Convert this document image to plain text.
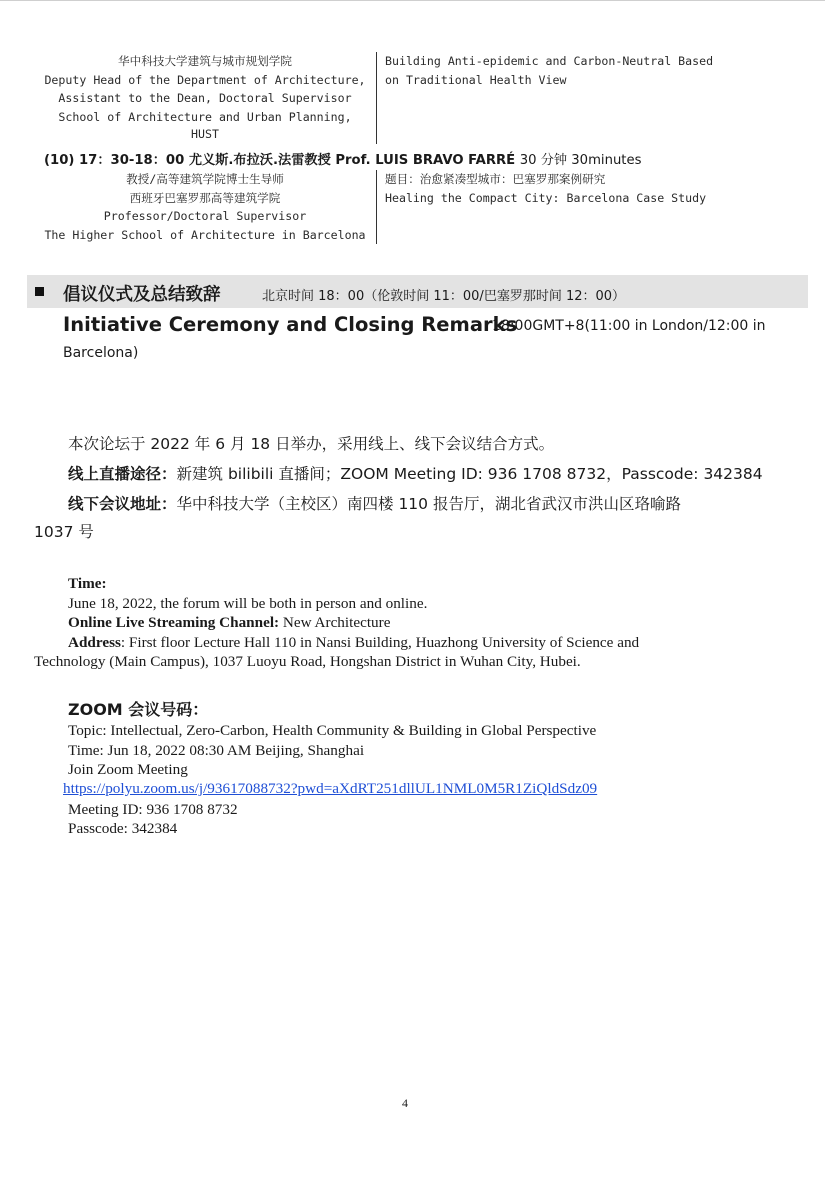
华中科技大学建筑与城市规划学院
Deputy Head of the Department of Architecture,
Assistant to the Dean, Doctoral Supervisor
School of Architecture and Urban Planning,
HUST
Building Anti-epidemic and Carbon-Neutral Based
on Traditional Health View
(10) 17：30-18：00 尤义斯.布拉沃.法雷教授 Prof. LUIS BRAVO FARRÉ 30 分钟 30minutes
教授/高等建筑学院博士生导师
西班牙巴塞罗那高等建筑学院
Professor/Doctoral Supervisor
The Higher School of Architecture in Barcelona
题目：治愈紧凑型城市：巴塞罗那案例研究
Healing the Compact City: Barcelona Case Study
倡议仪式及总结致辞	北京时间 18：00（伦敦时间 11：00/巴塞罗那时间 12：00）
Initiative Ceremony and Closing Remarks
18:00GMT+8(11:00 in London/12:00 in
Barcelona)
本次论坛于 2022 年 6 月 18 日举办，采用线上、线下会议结合方式。
线上直播途径：新建筑 bilibili 直播间；ZOOM Meeting ID: 936 1708 8732，Passcode: 342384
线下会议地址：华中科技大学（主校区）南四楼 110 报告厅，湖北省武汉市洪山区珞喻路
1037 号
Time:
June 18, 2022, the forum will be both in person and online.
Online Live Streaming Channel: New Architecture
Address: First floor Lecture Hall 110 in Nansi Building, Huazhong University of Science and
Technology (Main Campus), 1037 Luoyu Road, Hongshan District in Wuhan City, Hubei.
ZOOM 会议号码：
Topic: Intellectual, Zero-Carbon, Health Community & Building in Global Perspective
Time: Jun 18, 2022 08:30 AM Beijing, Shanghai
Join Zoom Meeting
https://polyu.zoom.us/j/93617088732?pwd=aXdRT251dllUL1NML0M5R1ZiQldSdz09
Meeting ID: 936 1708 8732
Passcode: 342384
4
